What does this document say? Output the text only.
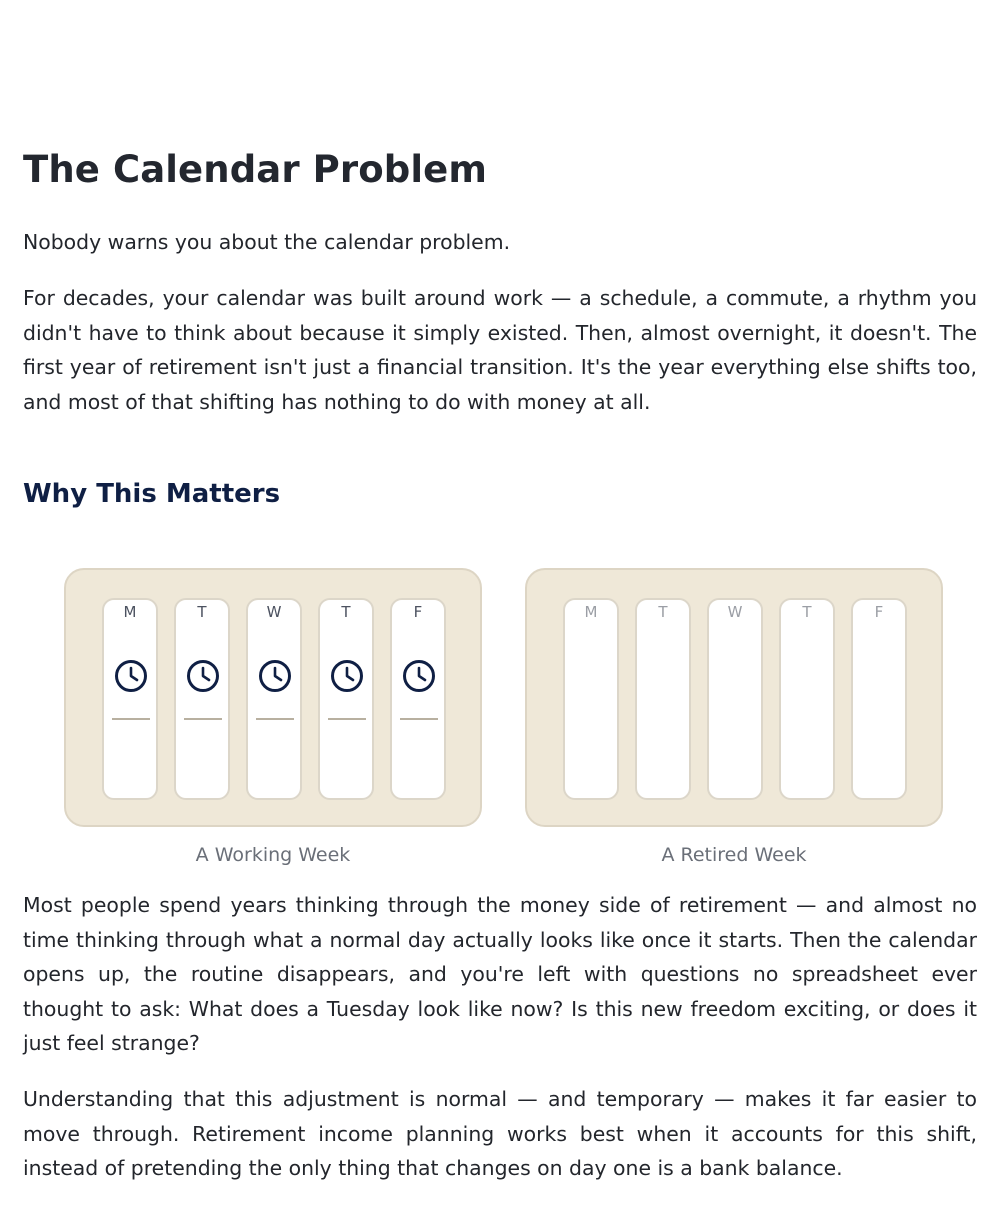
The Calendar Problem

Nobody warns you about the calendar problem.

For decades, your calendar was built around work — a schedule, a commute, a rhythm you didn't have to think about because it simply existed. Then, almost overnight, it doesn't. The first year of retirement isn't just a financial transition. It's the year everything else shifts too, and most of that shifting has nothing to do with money at all.

Why This Matters

Most people spend years thinking through the money side of retirement — and almost no time thinking through what a normal day actually looks like once it starts. Then the calendar opens up, the routine disappears, and you're left with questions no spreadsheet ever thought to ask: What does a Tuesday look like now? Is this new freedom exciting, or does it just feel strange?

Understanding that this adjustment is normal — and temporary — makes it far easier to move through. Retirement income planning works best when it accounts for this shift, instead of pretending the only thing that changes on day one is a bank balance.

M	T	W	T	F
A Working Week
M	T	W	T	F
A Retired Week
